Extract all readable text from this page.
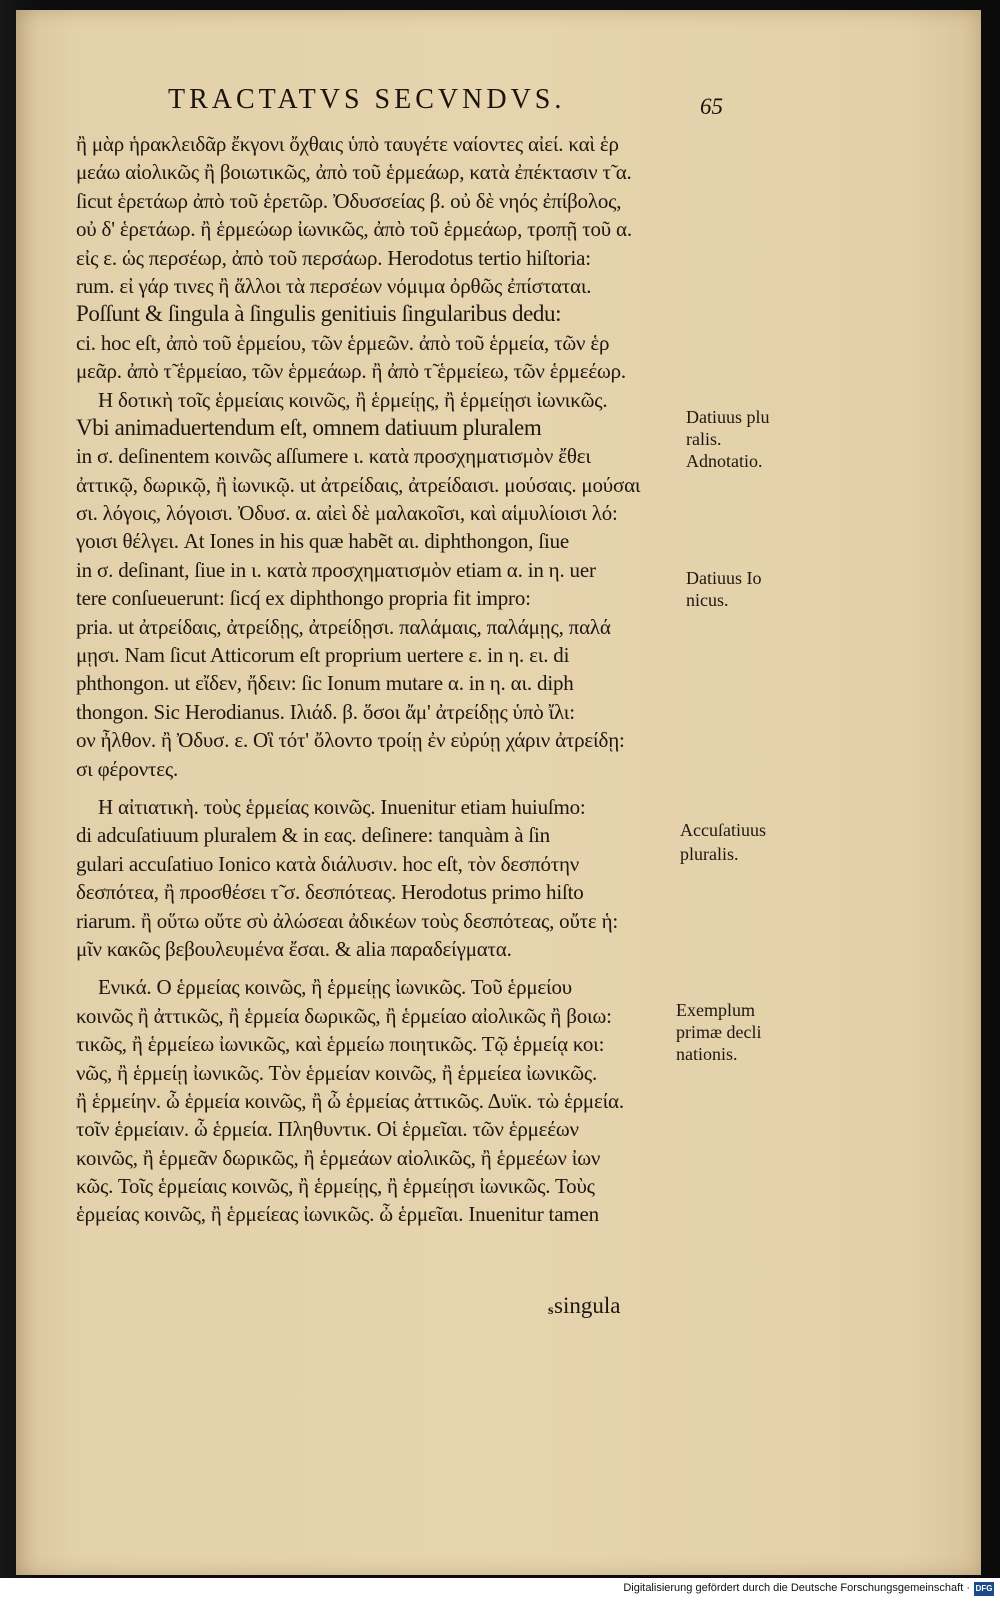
TRACTATVS SECVNDVS.	65
ἢ μὰρ ἡρακλειδᾶρ ἔκγονι ὄχθαις ὑπὸ ταυγέτε ναίοντες αἰεί. καὶ ἑρ
μεάω αἰολικῶς ἢ βοιωτικῶς, ἀπὸ τοῦ ἑρμεάωρ, κατὰ ἐπέκτασιν τ̃ α.
ſicut ἑρετάωρ ἀπὸ τοῦ ἑρετῶρ. Ὀδυσσείας β. οὐ δὲ νηός ἐπίβολος,
οὐ δ' ἑρετάωρ. ἢ ἑρμεώωρ ἰωνικῶς, ἀπὸ τοῦ ἑρμεάωρ, τροπῇ τοῦ α.
εἰς ε. ὡς περσέωρ, ἀπὸ τοῦ περσάωρ. Herodotus tertio hiſtoria:
rum. εἰ γάρ τινες ἢ ἄλλοι τὰ περσέων νόμιμα ὀρθῶς ἐπίσταται.
Poſſunt & ſingula à ſingulis genitiuis ſingularibus dedu:
ci. hoc eſt, ἀπὸ τοῦ ἑρμείου, τῶν ἑρμεῶν. ἀπὸ τοῦ ἑρμεία, τῶν ἑρ
μεᾶρ. ἀπὸ τ̃ ἑρμείαο, τῶν ἑρμεάωρ. ἢ ἀπὸ τ̃ ἑρμείεω, τῶν ἑρμεέωρ.
Η δοτικὴ τοῖς ἑρμείαις κοινῶς, ἢ ἑρμείῃς, ἢ ἑρμείῃσι ἰωνικῶς.
Vbi animaduertendum eſt, omnem datiuum pluralem
in σ. deſinentem κοινῶς aſſumere ι. κατὰ προσχηματισμὸν ἔθει
ἀττικῷ, δωρικῷ, ἢ ἰωνικῷ. ut ἀτρείδαις, ἀτρείδαισι. μούσαις. μούσαι
σι. λόγοις, λόγοισι. Ὀδυσ. α. αἰεὶ δὲ μαλακοῖσι, καὶ αἱμυλίοισι λό:
γοισι θέλγει. At Iones in his quæ habẽt αι. diphthongon, ſiue
in σ. deſinant, ſiue in ι. κατὰ προσχηματισμὸν etiam α. in η. uer
tere conſueuerunt: ſicq́ ex diphthongo propria fit impro:
pria. ut ἀτρείδαις, ἀτρείδῃς, ἀτρείδῃσι. παλάμαις, παλάμῃς, παλά
μῃσι. Nam ſicut Atticorum eſt proprium uertere ε. in η. ει. di
phthongon. ut εἴδεν, ἤδειν: ſic Ionum mutare α. in η. αι. diph
thongon. Sic Herodianus. Ιλιάδ. β. ὅσοι ἄμ' ἀτρείδῃς ὑπὸ ἴλι:
ον ἦλθον. ἢ Ὀδυσ. ε. Οἳ τότ' ὄλοντο τροίῃ ἐν εὐρύῃ χάριν ἀτρείδῃ:
σι φέροντες.
Η αἰτιατικὴ. τοὺς ἑρμείας κοινῶς. Inuenitur etiam huiuſmo:
di adcuſatiuum pluralem & in εας. deſinere: tanquàm à ſin
gulari accuſatiuo Ionico κατὰ διάλυσιν. hoc eſt, τὸν δεσπότην
δεσπότεα, ἢ προσθέσει τ̃ σ. δεσπότεας. Herodotus primo hiſto
riarum. ἢ οὕτω οὔτε σὺ ἀλώσεαι ἀδικέων τοὺς δεσπότεας, οὔτε ἡ:
μῖν κακῶς βεβουλευμένα ἔσαι. & alia παραδείγματα.
Ενικά. Ο ἑρμείας κοινῶς, ἢ ἑρμείῃς ἰωνικῶς. Τοῦ ἑρμείου
κοινῶς ἢ ἀττικῶς, ἢ ἑρμεία δωρικῶς, ἢ ἑρμείαο αἰολικῶς ἢ βοιω:
τικῶς, ἢ ἑρμείεω ἰωνικῶς, καὶ ἑρμείω ποιητικῶς. Τῷ ἑρμείᾳ κοι:
νῶς, ἢ ἑρμείῃ ἰωνικῶς. Τὸν ἑρμείαν κοινῶς, ἢ ἑρμείεα ἰωνικῶς.
ἢ ἑρμείην. ὦ ἑρμεία κοινῶς, ἢ ὦ ἑρμείας ἀττικῶς. Δυϊκ. τὼ ἑρμεία.
τοῖν ἑρμείαιν. ὦ ἑρμεία. Πληθυντικ. Οἱ ἑρμεῖαι. τῶν ἑρμεέων
κοινῶς, ἢ ἑρμεᾶν δωρικῶς, ἢ ἑρμεάων αἰολικῶς, ἢ ἑρμεέων ἰων
κῶς. Τοῖς ἑρμείαις κοινῶς, ἢ ἑρμείῃς, ἢ ἑρμείῃσι ἰωνικῶς. Τοὺς
ἑρμείας κοινῶς, ἢ ἑρμείεας ἰωνικῶς. ὦ ἑρμεῖαι. Inuenitur tamen
s singula
Datiuus plu
ralis.
Adnotatio.
Datiuus Io
nicus.
Accuſatiuus
pluralis.
Exemplum
primæ decli
nationis.
Digitalisierung gefördert durch die Deutsche Forschungsgemeinschaft · DFG
